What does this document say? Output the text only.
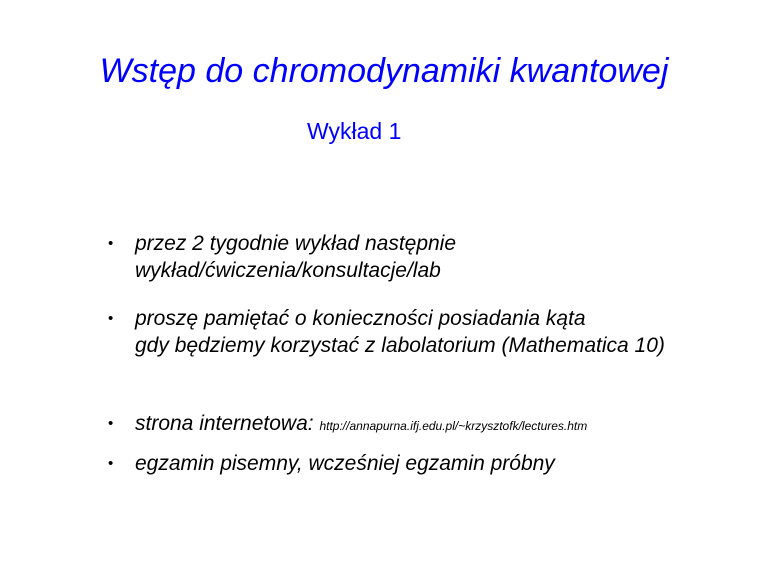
Wstęp do chromodynamiki kwantowej
Wykład 1
• przez 2 tygodnie wykład następnie
wykład/ćwiczenia/konsultacje/lab
• proszę pamiętać o konieczności posiadania kąta
gdy będziemy korzystać z labolatorium (Mathematica 10)
• strona internetowa: http://annapurna.ifj.edu.pl/~krzysztofk/lectures.htm
• egzamin pisemny, wcześniej egzamin próbny
